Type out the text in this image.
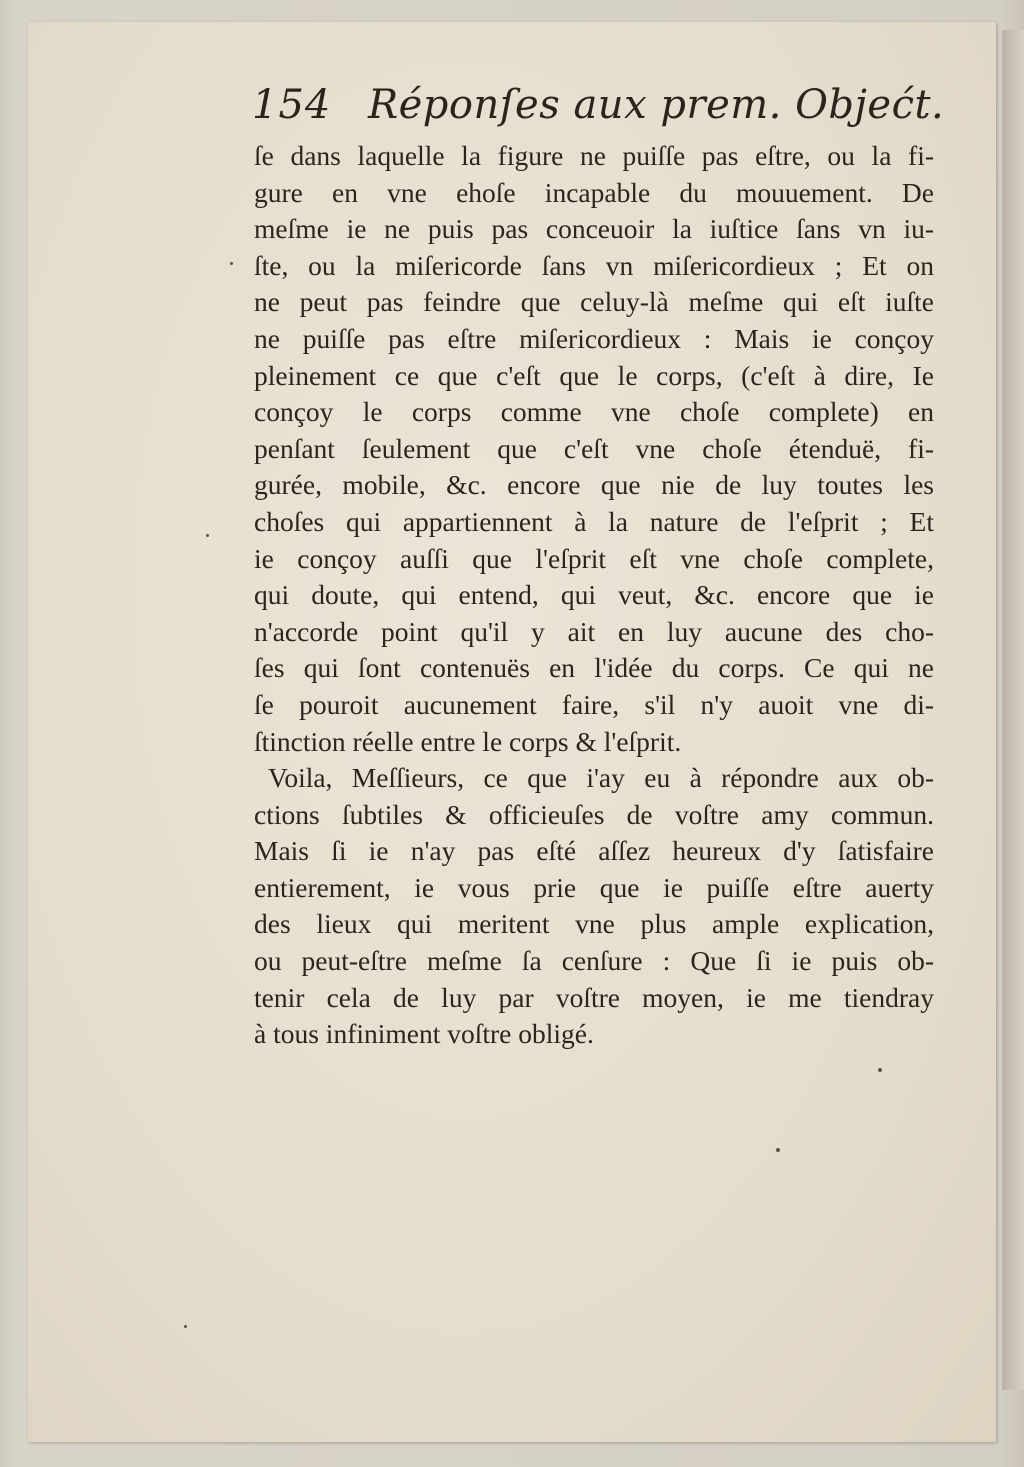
154 Réponſes aux prem. Objećt.
ſe dans laquelle la figure ne puiſſe pas eſtre, ou la fi-
gure en vne ehoſe incapable du mouuement. De
meſme ie ne puis pas conceuoir la iuſtice ſans vn iu-
ſte, ou la miſericorde ſans vn miſericordieux ; Et on
ne peut pas feindre que celuy-là meſme qui eſt iuſte
ne puiſſe pas eſtre miſericordieux : Mais ie conçoy
pleinement ce que c'eſt que le corps, (c'eſt à dire, Ie
conçoy le corps comme vne choſe complete) en
penſant ſeulement que c'eſt vne choſe étenduë, fi-
gurée, mobile, &c. encore que nie de luy toutes les
choſes qui appartiennent à la nature de l'eſprit ; Et
ie conçoy auſſi que l'eſprit eſt vne choſe complete,
qui doute, qui entend, qui veut, &c. encore que ie
n'accorde point qu'il y ait en luy aucune des cho-
ſes qui ſont contenuës en l'idée du corps. Ce qui ne
ſe pouroit aucunement faire, s'il n'y auoit vne di-
ſtinction réelle entre le corps & l'eſprit.
Voila, Meſſieurs, ce que i'ay eu à répondre aux ob-
ctions ſubtiles & officieuſes de voſtre amy commun.
Mais ſi ie n'ay pas eſté aſſez heureux d'y ſatisfaire
entierement, ie vous prie que ie puiſſe eſtre auerty
des lieux qui meritent vne plus ample explication,
ou peut-eſtre meſme ſa cenſure : Que ſi ie puis ob-
tenir cela de luy par voſtre moyen, ie me tiendray
à tous infiniment voſtre obligé.
